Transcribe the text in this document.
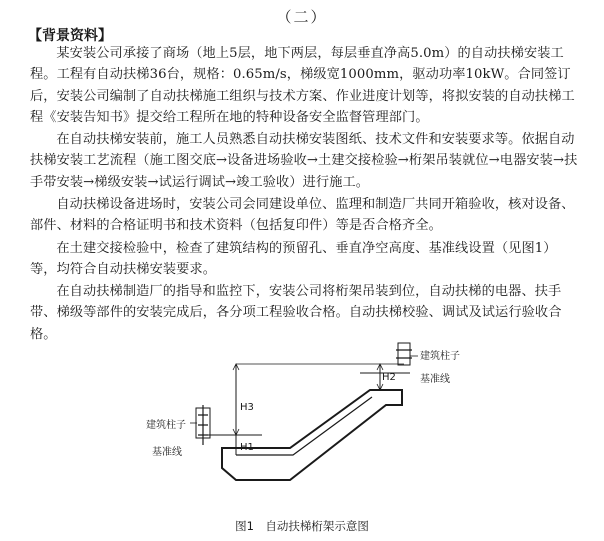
（二）
【背景资料】

某安装公司承接了商场（地上5层，地下两层，每层垂直净高5.0m）的自动扶梯安装工程。工程有自动扶梯36台，规格：0.65m/s，梯级宽1000mm，驱动功率10kW。合同签订后，安装公司编制了自动扶梯施工组织与技术方案、作业进度计划等，将拟安装的自动扶梯工程《安装告知书》提交给工程所在地的特种设备安全监督管理部门。

在自动扶梯安装前，施工人员熟悉自动扶梯安装图纸、技术文件和安装要求等。依据自动扶梯安装工艺流程（施工图交底→设备进场验收→土建交接检验→桁架吊装就位→电器安装→扶手带安装→梯级安装→试运行调试→竣工验收）进行施工。

自动扶梯设备进场时，安装公司会同建设单位、监理和制造厂共同开箱验收，核对设备、部件、材料的合格证明书和技术资料（包括复印件）等是否合格齐全。

在土建交接检验中，检查了建筑结构的预留孔、垂直净空高度、基准线设置（见图1）等，均符合自动扶梯安装要求。

在自动扶梯制造厂的指导和监控下，安装公司将桁架吊装到位，自动扶梯的电器、扶手带、梯级等部件的安装完成后，各分项工程验收合格。自动扶梯校验、调试及试运行验收合格。

建筑柱子
基准线
建筑柱子
基准线	H1
H2
H3
图1　自动扶梯桁架示意图
